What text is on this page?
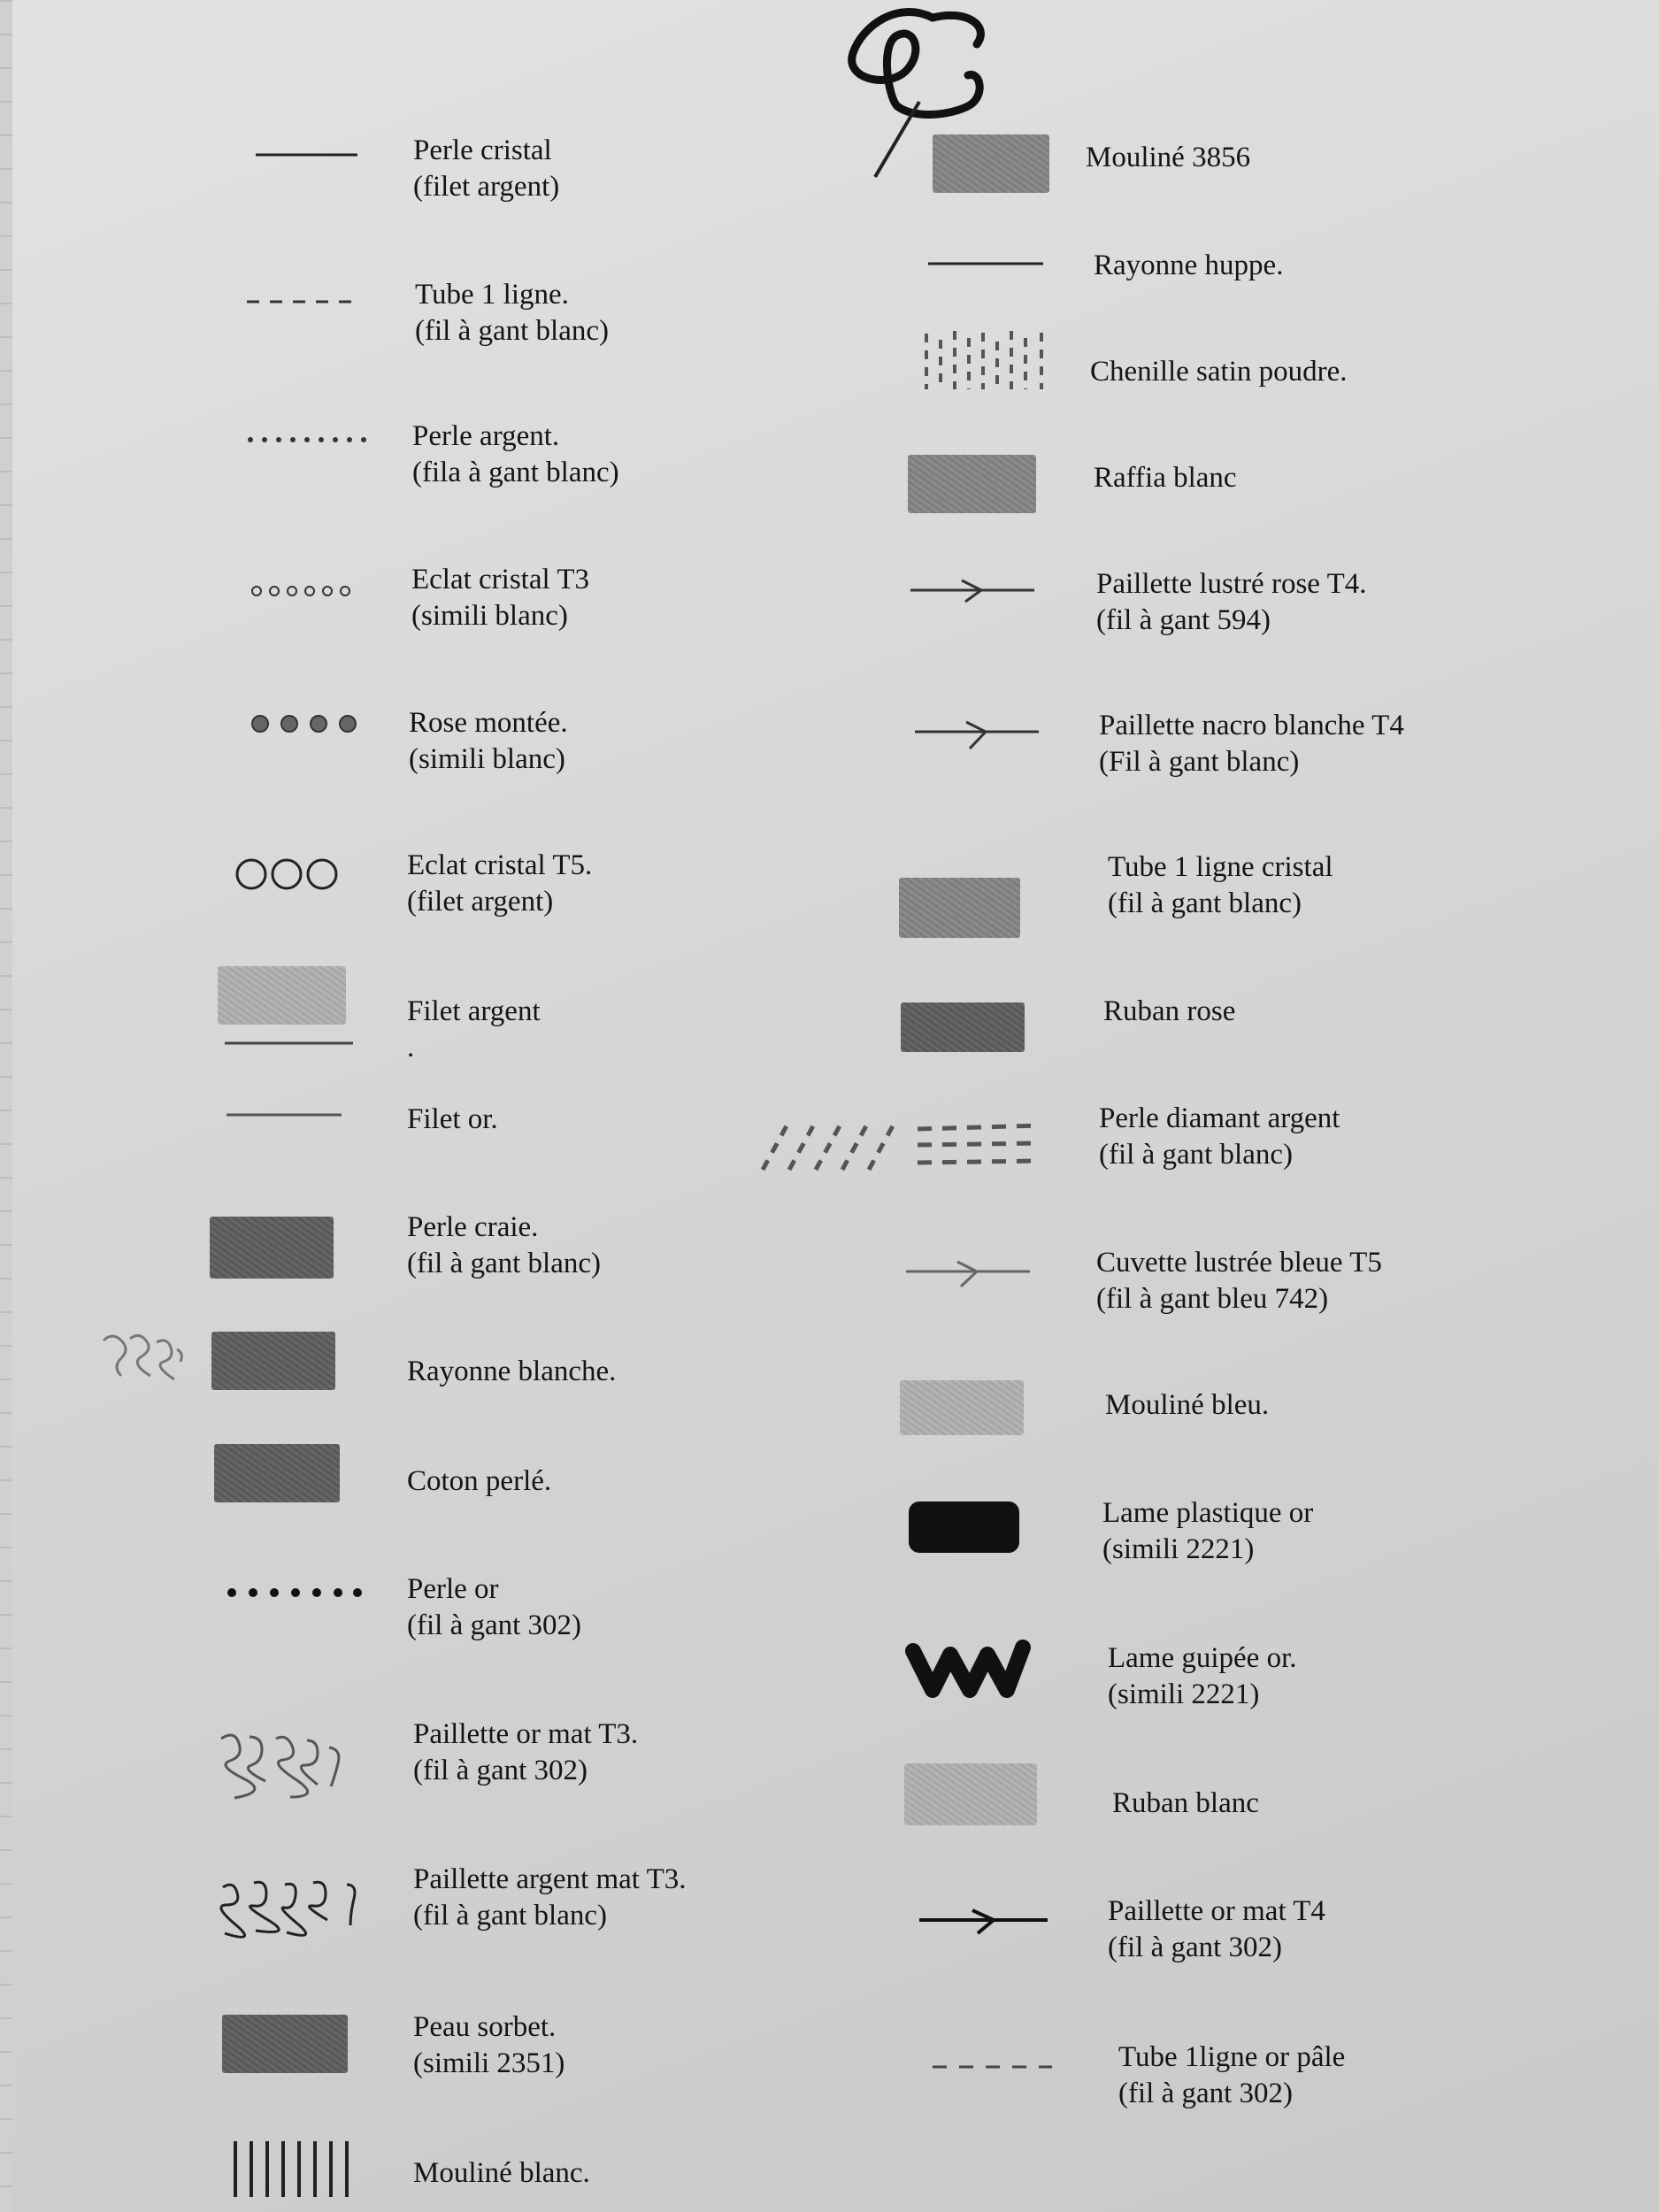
Perle cristal
(filet argent)
Tube 1 ligne.
(fil à gant blanc)
Perle argent.
(fila à gant blanc)
Eclat cristal T3
(simili blanc)
Rose montée.
(simili blanc)
Eclat cristal T5.
(filet argent)
Filet argent
.
Filet or.
Perle craie.
(fil à gant blanc)
Rayonne blanche.
Coton perlé.
Perle or
(fil à gant 302)
Paillette or mat T3.
(fil à gant 302)
Paillette argent mat T3.
(fil à gant blanc)
Peau sorbet.
(simili 2351)
Mouliné blanc.
Mouliné 3856
Rayonne huppe.
Chenille satin poudre.
Raffia blanc
Paillette lustré rose T4.
(fil à gant 594)
Paillette nacro blanche T4
(Fil à gant blanc)
Tube 1 ligne cristal
(fil à gant blanc)
Ruban rose
Perle diamant argent
(fil à gant blanc)
Cuvette lustrée bleue T5
(fil à gant bleu 742)
Mouliné bleu.
Lame plastique or
(simili 2221)
Lame guipée or.
(simili 2221)
Ruban blanc
Paillette or mat T4
(fil à gant 302)
Tube 1ligne or pâle
(fil à gant 302)
